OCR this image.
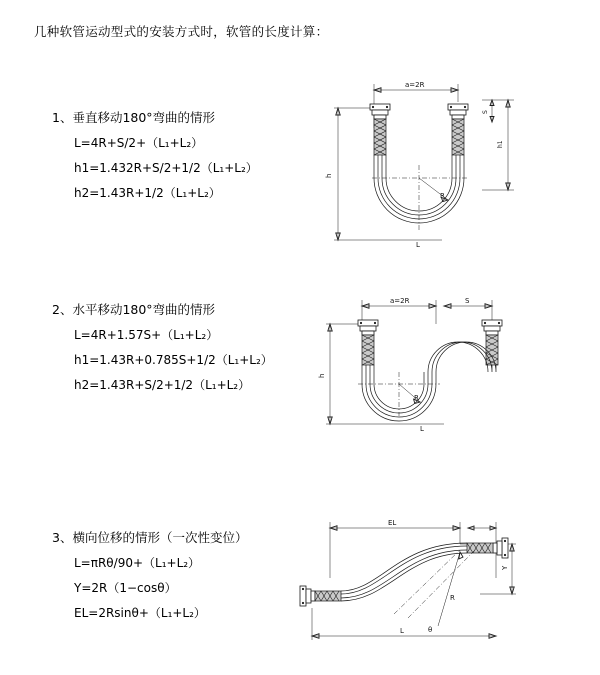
几种软管运动型式的安装方式时，软管的长度计算：
1、垂直移动180°弯曲的情形
L=4R+S/2+（L₁+L₂）
h1=1.432R+S/2+1/2（L₁+L₂）
h2=1.43R+1/2（L₁+L₂）
a=2R
h
h1
S
R
L
2、水平移动180°弯曲的情形
L=4R+1.57S+（L₁+L₂）
h1=1.43R+0.785S+1/2（L₁+L₂）
h2=1.43R+S/2+1/2（L₁+L₂）
a=2R	S
h
R
L
3、横向位移的情形（一次性变位）
L=πRθ/90+（L₁+L₂）
Y=2R（1−cosθ）
EL=2Rsinθ+（L₁+L₂）
EL
Y
θ
R
L
